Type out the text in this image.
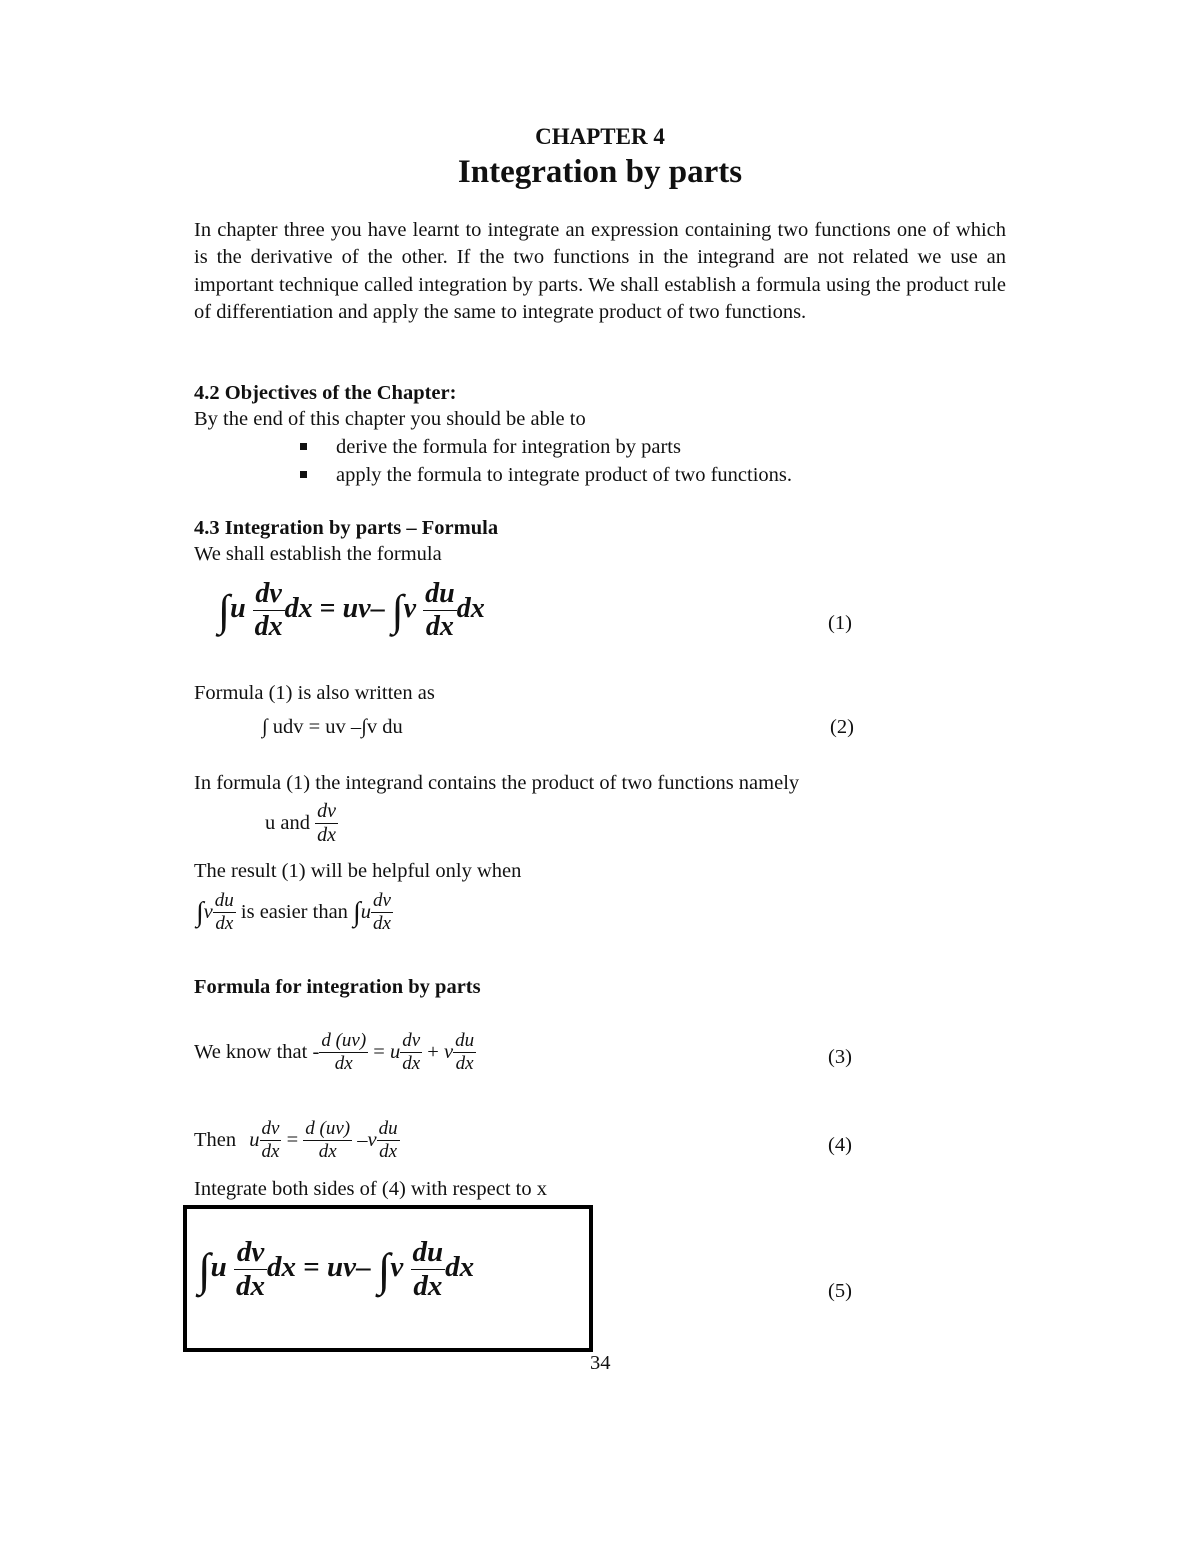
CHAPTER 4
Integration by parts
In chapter three you have learnt to integrate an expression containing two functions one of which is the derivative of the other. If the two functions in the integrand are not related we use an important technique called integration by parts. We shall establish a formula using the product rule of differentiation and apply the same to integrate product of two functions.
4.2 Objectives of the Chapter:
By the end of this chapter you should be able to
derive the formula for integration by parts
apply the formula to integrate product of two functions.
4.3 Integration by parts – Formula
We shall establish the formula
$\int u \frac{dv}{dx}$ dx = uv– $\int v \frac{du}{dx}$ dx	(1)
Formula (1) is also written as
∫ udv = uv –∫v du	(2)
In formula (1) the integrand contains the product of two functions namely
u and $\frac{dv}{dx}$
The result (1) will be helpful only when
$\int v \frac{du}{dx}$ is easier than $\int u \frac{dv}{dx}$
Formula for integration by parts
We know that - $\frac{d (uv)}{dx} = u \frac{dv}{dx} + v \frac{du}{dx}$	(3)
Then u $\frac{dv}{dx} = \frac{d (uv)}{dx} -v \frac{du}{dx}$	(4)
Integrate both sides of (4) with respect to x
$\int u \frac{dv}{dx}$ dx = uv– $\int v \frac{du}{dx}$ dx
(5)
34
